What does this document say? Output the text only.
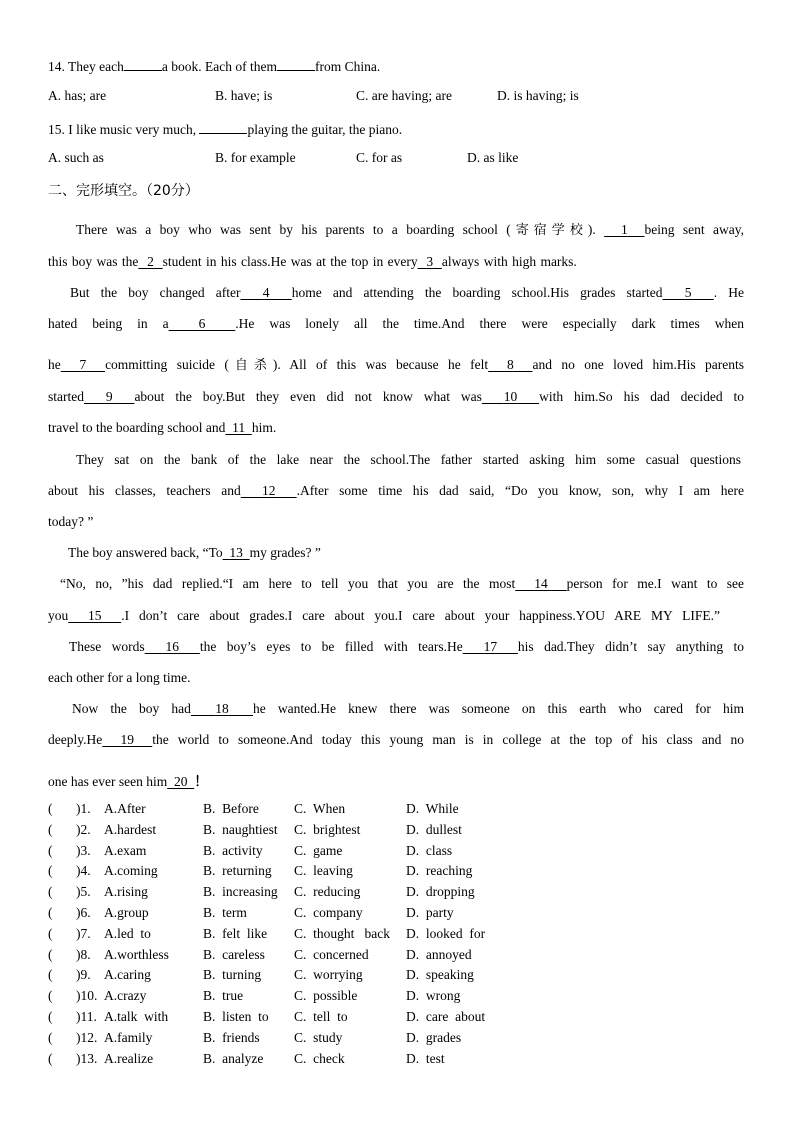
14. They each	a book. Each of them	from China.
A. has; are	B. have; is	C. are having; are	D. is having; is
15. I like music very much,	playing the guitar, the piano.
A. such as	B. for example	C. for as	D. as like
二、完形填空。（20分）
There was a boy who was sent by his parents to a boarding school (寄宿学校).   1 being sent away,
this boy was the 2 student in his class.He was at the top in every 3 always with high marks.
But the boy changed after 4 home and attending the boarding school.His grades started 5 . He
hated being in a 6 .He was lonely all the time.And there were especially dark times when
he 7 committing suicide (自杀). All of this was because he felt 8 and no one loved him.His parents
started 9 about the boy.But they even did not know what was 10 with him.So his dad decided to
travel to the boarding school and 11 him.
They sat on the bank of the lake near the school.The father started asking him some casual questions
about his classes, teachers and 12 .After some time his dad said, “Do you know, son, why I am here
today? ”
The boy answered back, “To 13 my grades? ”
“No, no, ”his dad replied.“I am here to tell you that you are the most 14 person for me.I want to see
you 15 .I don’t care about grades.I care about you.I care about your happiness.YOU ARE MY LIFE.”
These words 16 the boy’s eyes to be filled with tears.He 17 his dad.They didn’t say anything to
each other for a long time.
Now the boy had 18 he wanted.He knew there was someone on this earth who cared for him
deeply.He 19 the world to someone.And today this young man is in college at the top of his class and no
one has ever seen him 20 ！
( )1. A.After	B.  Before	C.  When	D.  While
( )2. A.hardest	B.  naughtiest C.  brightest	D.  dullest
( )3. A.exam	B.  activity C.  game	D.  class
( )4. A.coming	B.  returning C.  leaving	D.  reaching
( )5. A.rising	B.  increasing C.  reducing	D.  dropping
( )6. A.group	B.  term	C.  company	D.  party
( )7. A.led  to	B.  felt  like C.  thought   back D.  looked  for
( )8. A.worthless	B.  careless C.  concerned	D.  annoyed
( )9. A.caring	B.  turning C.  worrying	D.  speaking
( )10. A.crazy	B.  true	C.  possible	D.  wrong
( )11. A.talk  with	B.  listen  to C.  tell  to	D.  care  about
( )12. A.family	B.  friends	C.  study	D.  grades
( )13. A.realize	B.  analyze C.  check	D.  test
